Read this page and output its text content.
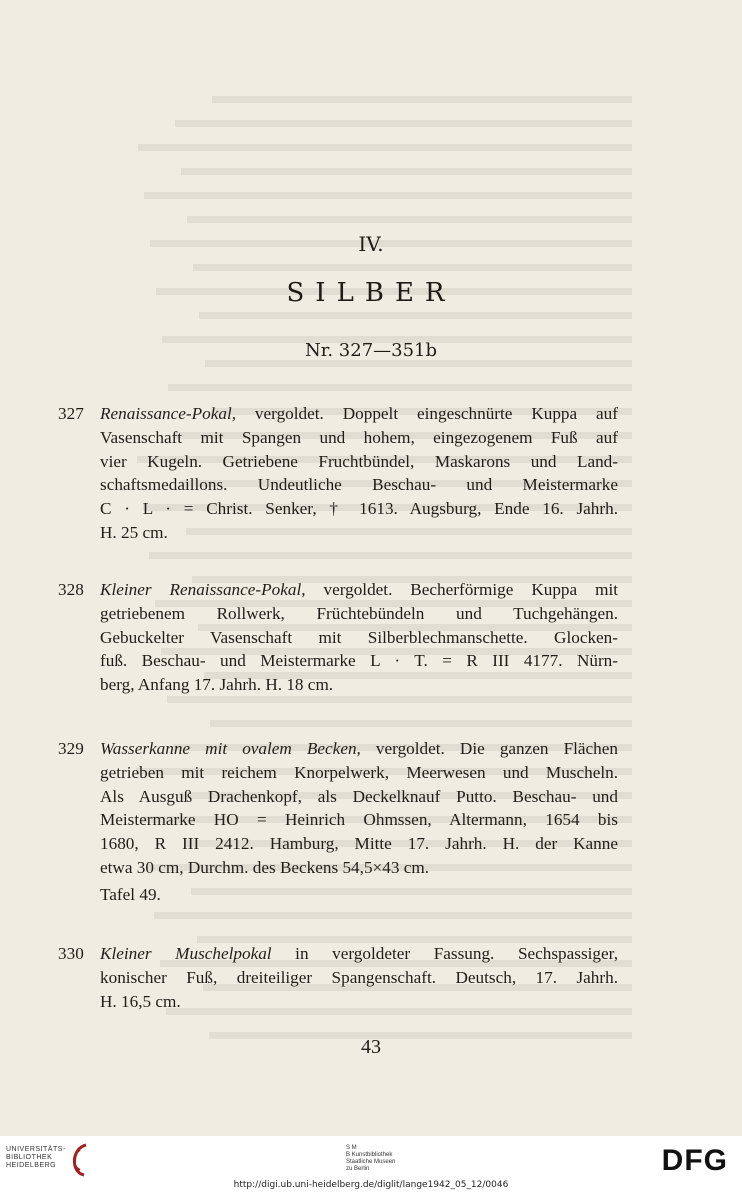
IV.
SILBER
Nr. 327—351b
327 Renaissance-Pokal, vergoldet. Doppelt eingeschnürte Kuppa auf
Vasenschaft mit Spangen und hohem, eingezogenem Fuß auf
vier Kugeln. Getriebene Fruchtbündel, Maskarons und Land-
schaftsmedaillons. Undeutliche Beschau- und Meistermarke
C · L · = Christ. Senker, † 1613. Augsburg, Ende 16. Jahrh.
H. 25 cm.
328 Kleiner Renaissance-Pokal, vergoldet. Becherförmige Kuppa mit
getriebenem Rollwerk, Früchtebündeln und Tuchgehängen.
Gebuckelter Vasenschaft mit Silberblechmanschette. Glocken-
fuß. Beschau- und Meistermarke L · T. = R III 4177. Nürn-
berg, Anfang 17. Jahrh. H. 18 cm.
329 Wasserkanne mit ovalem Becken, vergoldet. Die ganzen Flächen
getrieben mit reichem Knorpelwerk, Meerwesen und Muscheln.
Als Ausguß Drachenkopf, als Deckelknauf Putto. Beschau- und
Meistermarke HO = Heinrich Ohmssen, Altermann, 1654 bis
1680, R III 2412. Hamburg, Mitte 17. Jahrh. H. der Kanne
etwa 30 cm, Durchm. des Beckens 54,5×43 cm.
Tafel 49.
330 Kleiner Muschelpokal in vergoldeter Fassung. Sechspassiger,
konischer Fuß, dreiteiliger Spangenschaft. Deutsch, 17. Jahrh.
H. 16,5 cm.
43
UNIVERSITÄTS-
BIBLIOTHEK
HEIDELBERG
S M
B Kunstbibliothek
Staatliche Museen
zu Berlin	DFG
http://digi.ub.uni-heidelberg.de/diglit/lange1942_05_12/0046
